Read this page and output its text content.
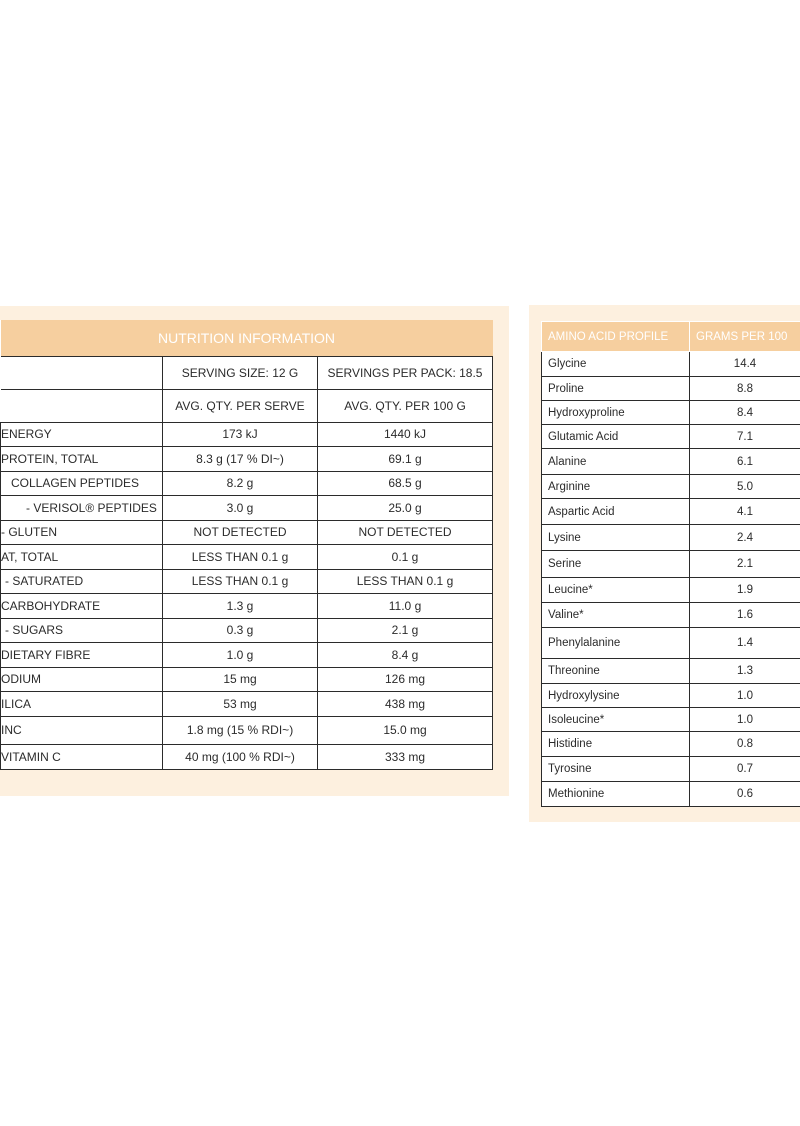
NUTRITION INFORMATION		
	SERVING SIZE: 12 G	SERVINGS PER PACK: 18.5
	AVG. QTY. PER SERVE	AVG. QTY. PER 100 G
ENERGY	173 kJ	1440 kJ
PROTEIN, TOTAL	8.3 g (17 % DI~)	69.1 g
COLLAGEN PEPTIDES	8.2 g	68.5 g
- VERISOL® PEPTIDES	3.0 g	25.0 g
- GLUTEN	NOT DETECTED	NOT DETECTED
AT, TOTAL	LESS THAN 0.1 g	0.1 g
- SATURATED	LESS THAN 0.1 g	LESS THAN 0.1 g
CARBOHYDRATE	1.3 g	11.0 g
- SUGARS	0.3 g	2.1 g
DIETARY FIBRE	1.0 g	8.4 g
ODIUM	15 mg	126 mg
ILICA	53 mg	438 mg
INC	1.8 mg (15 % RDI~)	15.0 mg
VITAMIN C	40 mg (100 % RDI~)	333 mg
AMINO ACID PROFILE	GRAMS PER 100
Glycine	14.4
Proline	8.8
Hydroxyproline	8.4
Glutamic Acid	7.1
Alanine	6.1
Arginine	5.0
Aspartic Acid	4.1
Lysine	2.4
Serine	2.1
Leucine*	1.9
Valine*	1.6
Phenylalanine	1.4
Threonine	1.3
Hydroxylysine	1.0
Isoleucine*	1.0
Histidine	0.8
Tyrosine	0.7
Methionine	0.6
